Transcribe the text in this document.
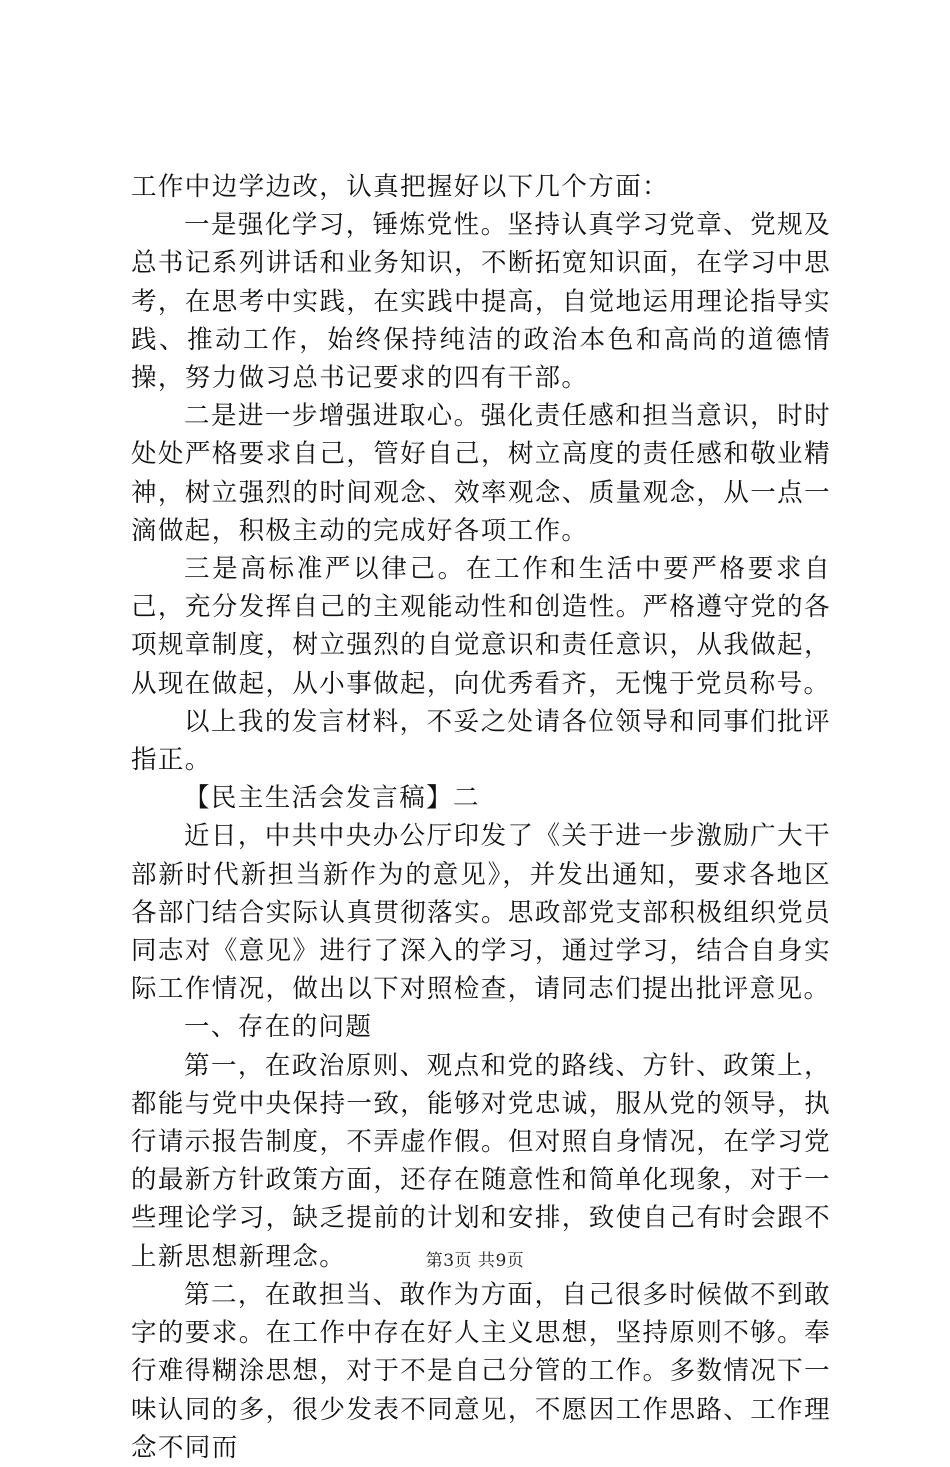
工作中边学边改，认真把握好以下几个方面：

一是强化学习，锤炼党性。坚持认真学习党章、党规及总书记系列讲话和业务知识，不断拓宽知识面，在学习中思考，在思考中实践，在实践中提高，自觉地运用理论指导实践、推动工作，始终保持纯洁的政治本色和高尚的道德情操，努力做习总书记要求的四有干部。

二是进一步增强进取心。强化责任感和担当意识，时时处处严格要求自己，管好自己，树立高度的责任感和敬业精神，树立强烈的时间观念、效率观念、质量观念，从一点一滴做起，积极主动的完成好各项工作。

三是高标准严以律己。在工作和生活中要严格要求自己，充分发挥自己的主观能动性和创造性。严格遵守党的各项规章制度，树立强烈的自觉意识和责任意识，从我做起，从现在做起，从小事做起，向优秀看齐，无愧于党员称号。

以上我的发言材料，不妥之处请各位领导和同事们批评指正。

【民主生活会发言稿】二

近日，中共中央办公厅印发了《关于进一步激励广大干部新时代新担当新作为的意见》，并发出通知，要求各地区各部门结合实际认真贯彻落实。思政部党支部积极组织党员同志对《意见》进行了深入的学习，通过学习，结合自身实际工作情况，做出以下对照检查，请同志们提出批评意见。

一、存在的问题

第一，在政治原则、观点和党的路线、方针、政策上，都能与党中央保持一致，能够对党忠诚，服从党的领导，执行请示报告制度，不弄虚作假。但对照自身情况，在学习党的最新方针政策方面，还存在随意性和简单化现象，对于一些理论学习，缺乏提前的计划和安排，致使自己有时会跟不上新思想新理念。

第二，在敢担当、敢作为方面，自己很多时候做不到敢字的要求。在工作中存在好人主义思想，坚持原则不够。奉行难得糊涂思想，对于不是自己分管的工作。多数情况下一味认同的多，很少发表不同意见，不愿因工作思路、工作理念不同而

第3页 共9页
